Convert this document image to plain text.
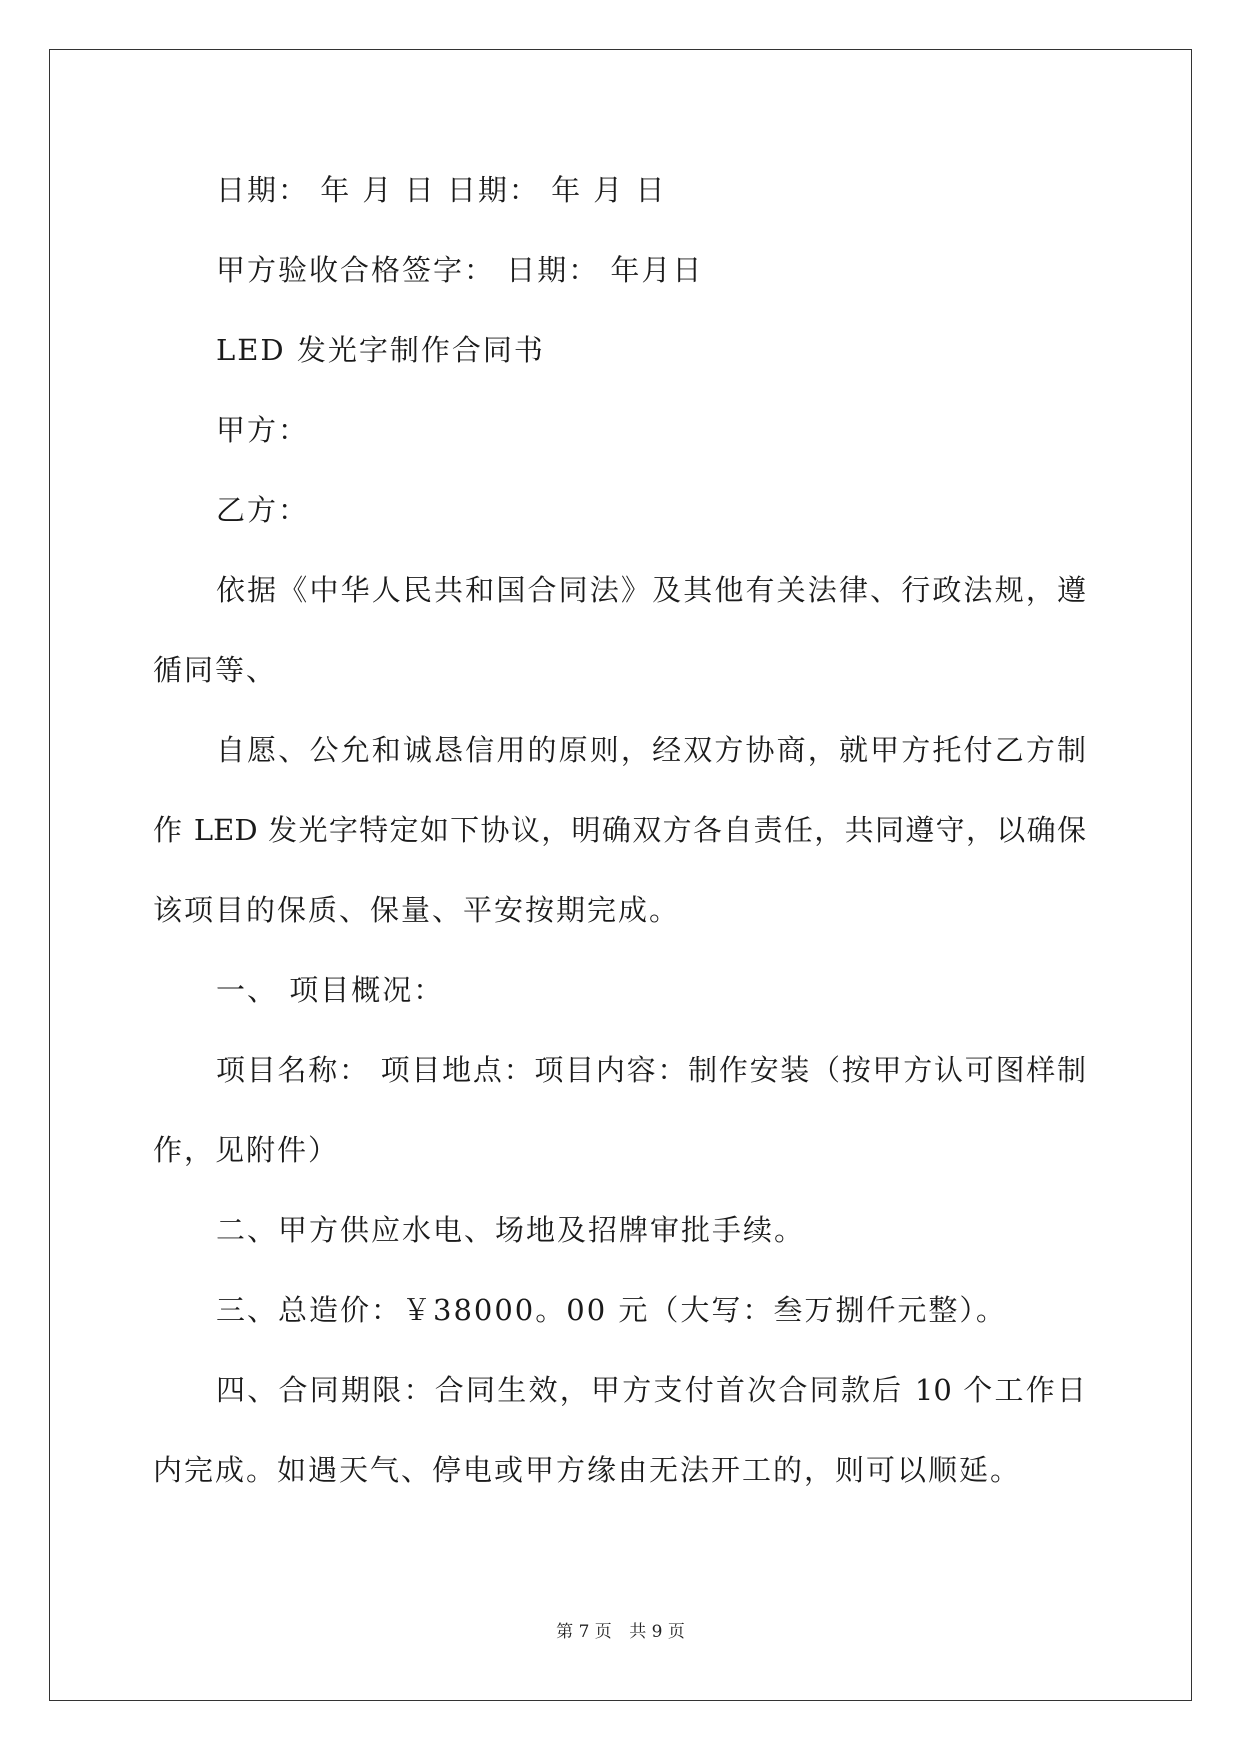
日期： 年 月 日 日期： 年 月 日
甲方验收合格签字： 日期： 年月日
LED 发光字制作合同书
甲方：
乙方：
依据《中华人民共和国合同法》及其他有关法律、行政法规，遵
循同等、
自愿、公允和诚恳信用的原则，经双方协商，就甲方托付乙方制
作 LED 发光字特定如下协议，明确双方各自责任，共同遵守，以确保
该项目的保质、保量、平安按期完成。
一、 项目概况：
项目名称： 项目地点：项目内容：制作安装（按甲方认可图样制
作，见附件）
二、甲方供应水电、场地及招牌审批手续。
三、总造价：￥38000。00 元（大写：叁万捌仟元整）。
四、合同期限：合同生效，甲方支付首次合同款后 10 个工作日
内完成。如遇天气、停电或甲方缘由无法开工的，则可以顺延。
第 7 页 共 9 页
